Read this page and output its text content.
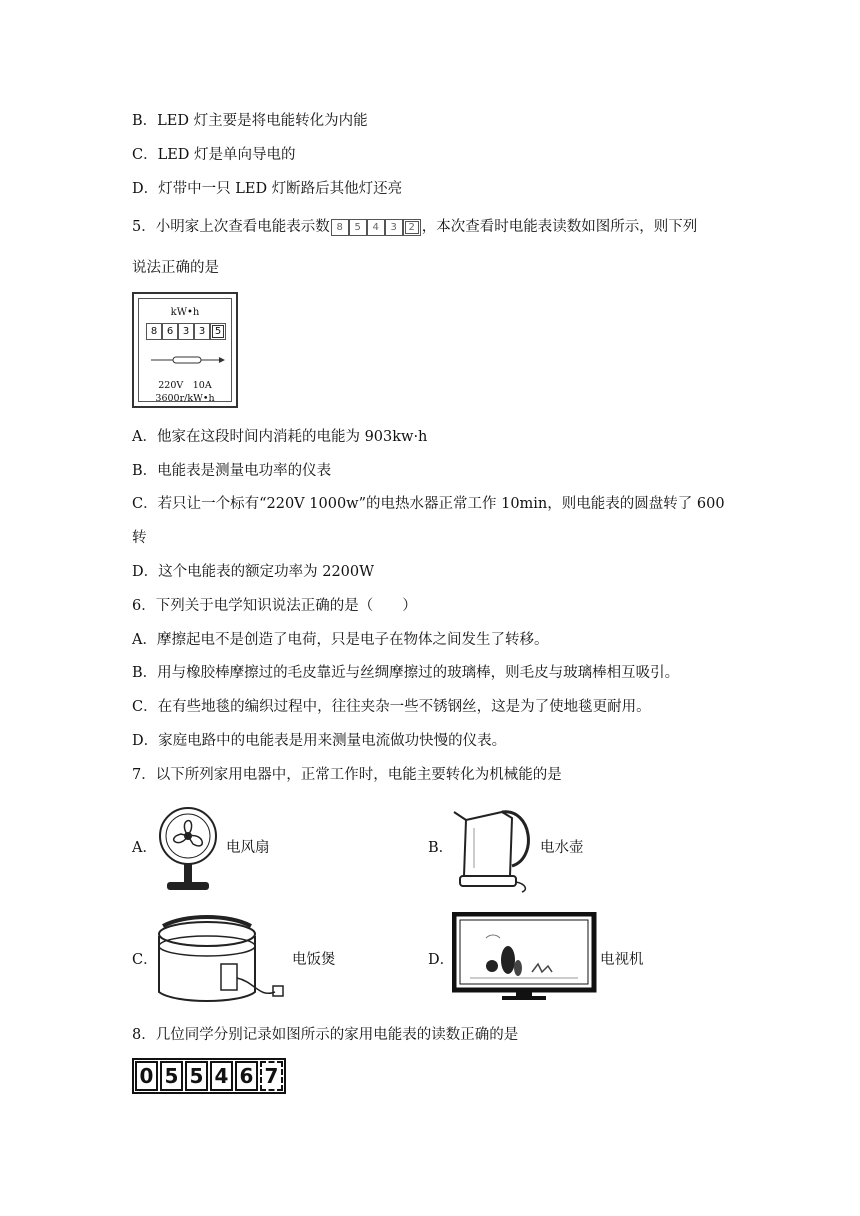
B．LED 灯主要是将电能转化为内能
C．LED 灯是单向导电的
D．灯带中一只 LED 灯断路后其他灯还亮
5．小明家上次查看电能表示数 8	5	4	3	2 ，本次查看时电能表读数如图所示，则下列
说法正确的是
kW•h
8 6 3 3 5
220V　10A
3600r/kW•h
A．他家在这段时间内消耗的电能为 903kw·h
B．电能表是测量电功率的仪表
C．若只让一个标有“220V 1000w”的电热水器正常工作 10min，则电能表的圆盘转了 600
转
D．这个电能表的额定功率为 2200W
6．下列关于电学知识说法正确的是（　　）
A．摩擦起电不是创造了电荷，只是电子在物体之间发生了转移。
B．用与橡胶棒摩擦过的毛皮靠近与丝绸摩擦过的玻璃棒，则毛皮与玻璃棒相互吸引。
C．在有些地毯的编织过程中，往往夹杂一些不锈钢丝，这是为了使地毯更耐用。
D．家庭电路中的电能表是用来测量电流做功快慢的仪表。
7．以下所列家用电器中，正常工作时，电能主要转化为机械能的是
A．	电风扇	B．	电水壶
C．	电饭煲	D．	电视机
8．几位同学分别记录如图所示的家用电能表的读数正确的是
0 5 5 4 6 7
